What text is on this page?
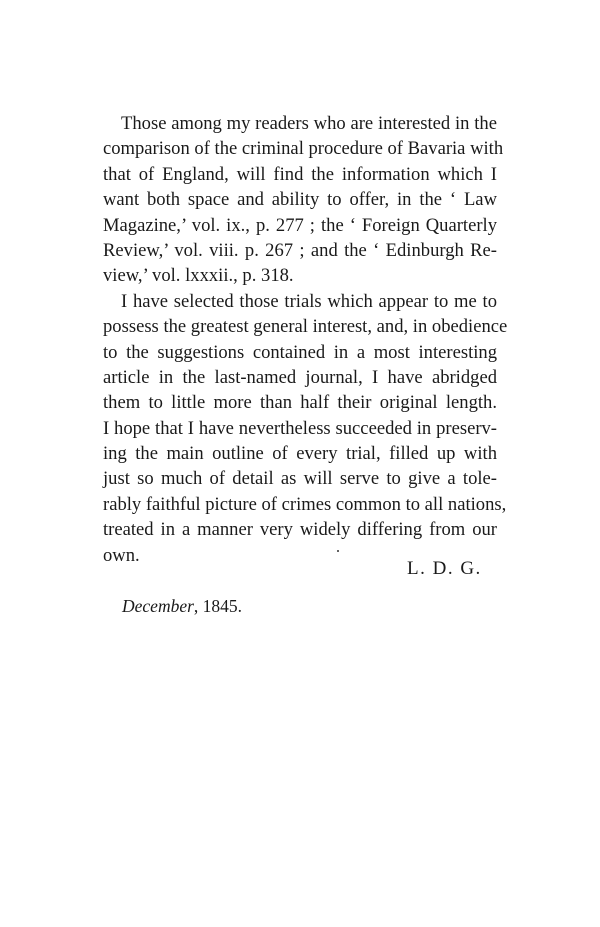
Those among my readers who are interested in the
comparison of the criminal procedure of Bavaria with
that of England, will find the information which I
want both space and ability to offer, in the ‘ Law
Magazine,’ vol. ix., p. 277 ; the ‘ Foreign Quarterly
Review,’ vol. viii. p. 267 ; and the ‘ Edinburgh Re-
view,’ vol. lxxxii., p. 318.
I have selected those trials which appear to me to
possess the greatest general interest, and, in obedience
to the suggestions contained in a most interesting
article in the last-named journal, I have abridged
them to little more than half their original length.
I hope that I have nevertheless succeeded in preserv-
ing the main outline of every trial, filled up with
just so much of detail as will serve to give a tole-
rably faithful picture of crimes common to all nations,
treated in a manner very widely differing from our
own.
L. D. G.
December, 1845.
